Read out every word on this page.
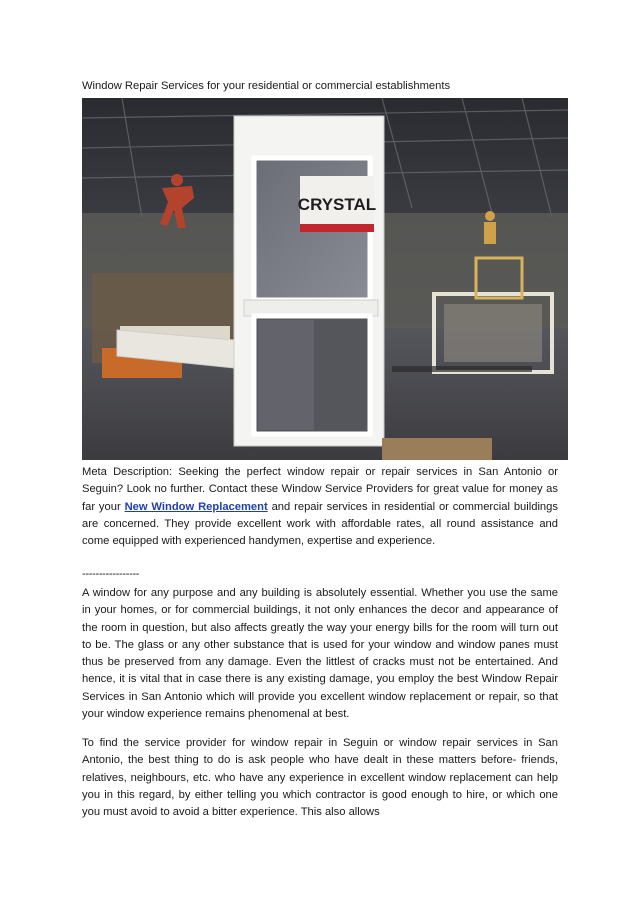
Window Repair Services for your residential or commercial establishments
CRYSTAL

Meta Description: Seeking the perfect window repair or repair services in San Antonio or Seguin? Look no further. Contact these Window Service Providers for great value for money as far your New Window Replacement and repair services in residential or commercial buildings are concerned. They provide excellent work with affordable rates, all round assistance and come equipped with experienced handymen, expertise and experience.

-----------------

A window for any purpose and any building is absolutely essential. Whether you use the same in your homes, or for commercial buildings, it not only enhances the decor and appearance of the room in question, but also affects greatly the way your energy bills for the room will turn out to be. The glass or any other substance that is used for your window and window panes must thus be preserved from any damage. Even the littlest of cracks must not be entertained. And hence, it is vital that in case there is any existing damage, you employ the best Window Repair Services in San Antonio which will provide you excellent window replacement or repair, so that your window experience remains phenomenal at best.

To find the service provider for window repair in Seguin or window repair services in San Antonio, the best thing to do is ask people who have dealt in these matters before- friends, relatives, neighbours, etc. who have any experience in excellent window replacement can help you in this regard, by either telling you which contractor is good enough to hire, or which one you must avoid to avoid a bitter experience. This also allows
